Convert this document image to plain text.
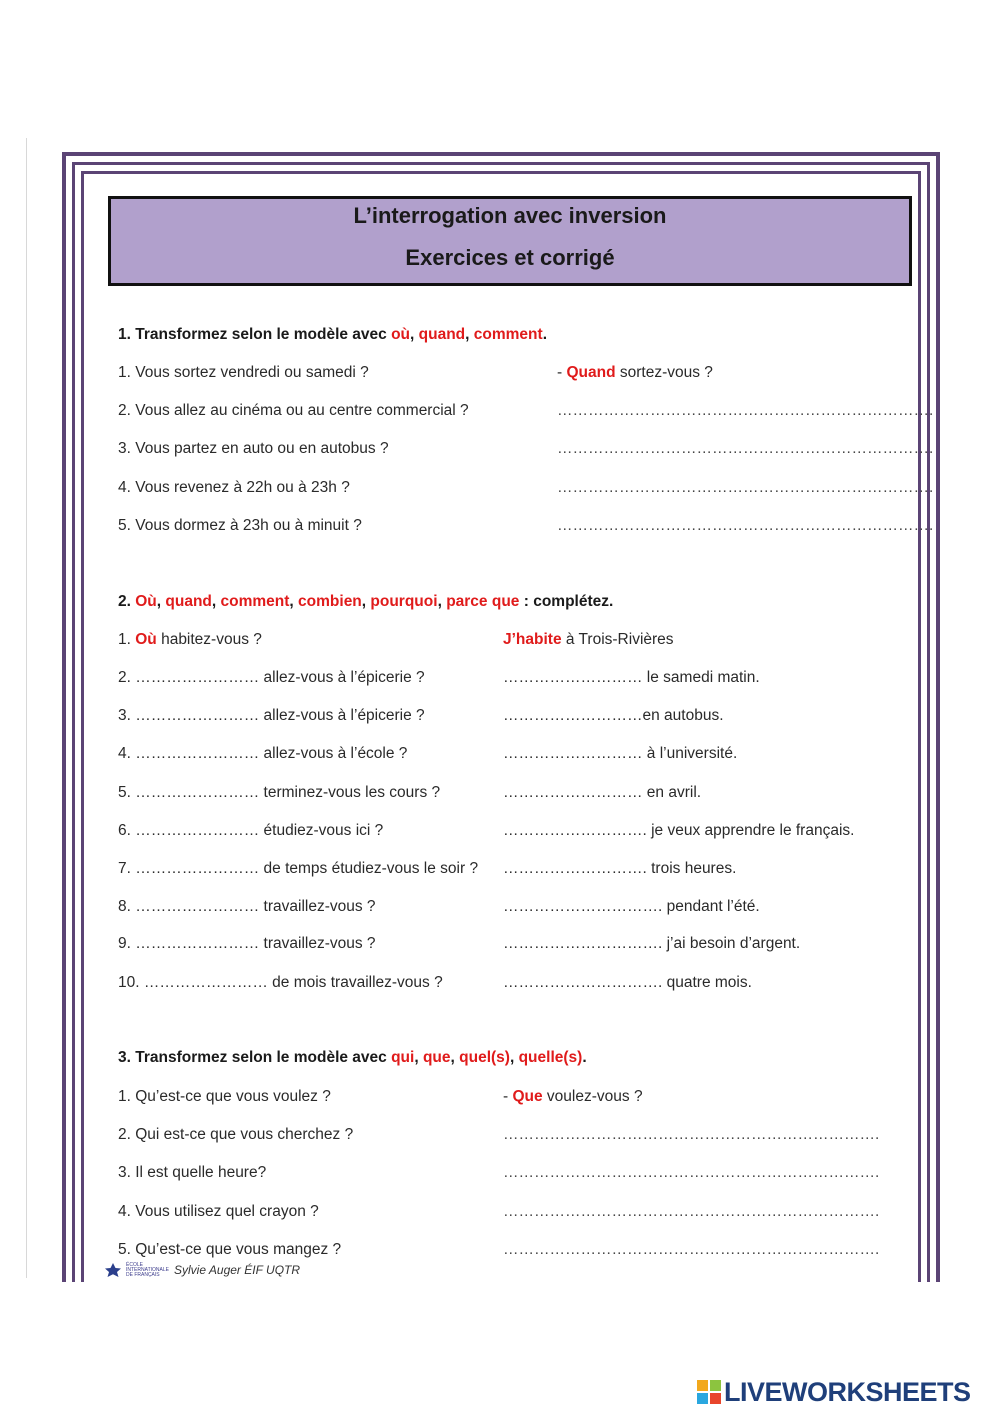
L’interrogation avec inversion
Exercices et corrigé
1. Transformez selon le modèle avec où, quand, comment.
1. Vous sortez vendredi ou samedi ?	- Quand sortez-vous ?
2. Vous allez au cinéma ou au centre commercial ?	……………………………………………………………….
3. Vous partez en auto ou en autobus ?	……………………………………………………………….
4. Vous revenez à 22h ou à 23h ?	……………………………………………………………….
5. Vous dormez à 23h ou à minuit ?	……………………………………………………………….
2. Où, quand, comment, combien, pourquoi, parce que : complétez.
1. Où habitez-vous ?	J’habite à Trois-Rivières
2. …………………… allez-vous à l’épicerie ?	……………………… le samedi matin.
3. …………………… allez-vous à l’épicerie ?	………………………en autobus.
4. …………………… allez-vous à l’école ?	……………………… à l’université.
5. …………………… terminez-vous les cours ?	……………………… en avril.
6. …………………… étudiez-vous ici ?	………………………. je veux apprendre le français.
7. …………………… de temps étudiez-vous le soir ? ………………………. trois heures.
8. …………………… travaillez-vous ?	…………………………. pendant l’été.
9. …………………… travaillez-vous ?	…………………………. j’ai besoin d’argent.
10. …………………… de mois travaillez-vous ?	…………………………. quatre mois.
3. Transformez selon le modèle avec qui, que, quel(s), quelle(s).
1. Qu’est-ce que vous voulez ?	- Que voulez-vous ?
2. Qui est-ce que vous cherchez ?	……………………………………………………………….
3. Il est quelle heure?	……………………………………………………………….
4. Vous utilisez quel crayon ?	……………………………………………………………….
5. Qu’est-ce que vous mangez ?	……………………………………………………………….
ÉCOLE INTERNATIONALE DE FRANÇAIS	Sylvie Auger ÉIF UQTR
LIVEWORKSHEETS
